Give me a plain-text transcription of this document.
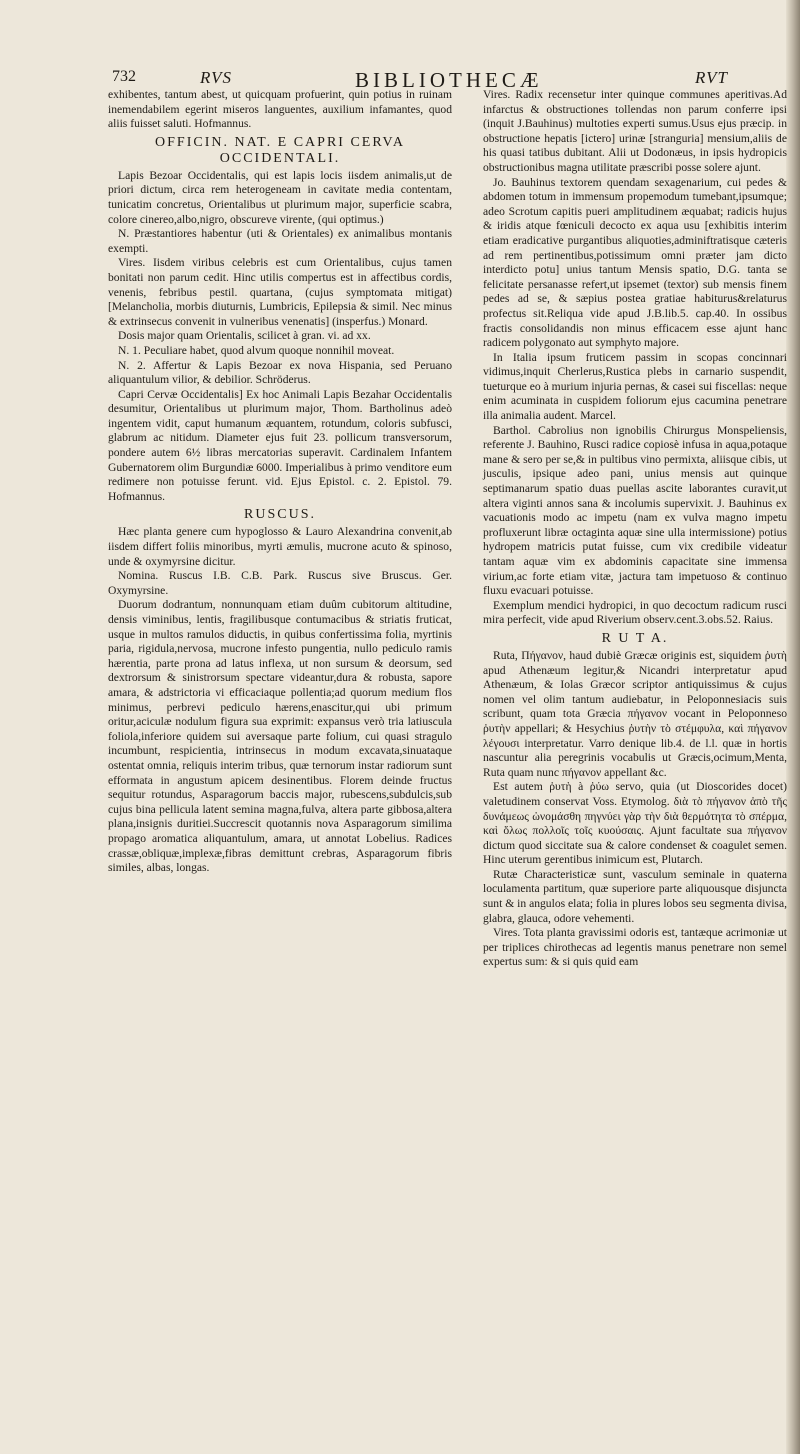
732	RVS	BIBLIOTHECÆ	RVT

exhibentes, tantum abest, ut quicquam profuerint, quin potius in ruinam inemendabilem egerint miseros languentes, auxilium infamantes, quod aliis fuisset saluti. Hofmannus.

OFFICIN. NAT. E CAPRI CERVA OCCIDENTALI.

Lapis Bezoar Occidentalis, qui est lapis locis iisdem animalis,ut de priori dictum, circa rem heterogeneam in cavitate media contentam, tunicatim concretus, Orientalibus ut plurimum major, superficie scabra, colore cinereo,albo,nigro, obscureve virente, (qui optimus.)

N. Præstantiores habentur (uti & Orientales) ex animalibus montanis exempti.

Vires. Iisdem viribus celebris est cum Orientalibus, cujus tamen bonitati non parum cedit. Hinc utilis compertus est in affectibus cordis, venenis, febribus pestil. quartana, (cujus symptomata mitigat) [Melancholia, morbis diuturnis, Lumbricis, Epilepsia & simil. Nec minus & extrinsecus convenit in vulneribus venenatis] (insperfus.) Monard.

Dosis major quam Orientalis, scilicet à gran. vi. ad xx.

N. 1. Peculiare habet, quod alvum quoque nonnihil moveat.

N. 2. Affertur & Lapis Bezoar ex nova Hispania, sed Peruano aliquantulum vilior, & debilior. Schröderus.

Capri Cervæ Occidentalis] Ex hoc Animali Lapis Bezahar Occidentalis desumitur, Orientalibus ut plurimum major, Thom. Bartholinus adeò ingentem vidit, caput humanum æquantem, rotundum, coloris subfusci, glabrum ac nitidum. Diameter ejus fuit 23. pollicum transversorum, pondere autem 6½ libras mercatorias superavit. Cardinalem Infantem Gubernatorem olim Burgundiæ 6000. Imperialibus à primo venditore eum redimere non potuisse ferunt. vid. Ejus Epistol. c. 2. Epistol. 79. Hofmannus.

RUSCUS.

Hæc planta genere cum hypoglosso & Lauro Alexandrina convenit,ab iisdem differt foliis minoribus, myrti æmulis, mucrone acuto & spinoso, unde & oxymyrsine dicitur.

Nomina. Ruscus I.B. C.B. Park. Ruscus sive Bruscus. Ger. Oxymyrsine.

Duorum dodrantum, nonnunquam etiam duûm cubitorum altitudine, densis viminibus, lentis, fragilibusque contumacibus & striatis fruticat, usque in multos ramulos diductis, in quibus confertissima folia, myrtinis paria, rigidula,nervosa, mucrone infesto pungentia, nullo pediculo ramis hærentia, parte prona ad latus inflexa, ut non sursum & deorsum, sed dextrorsum & sinistrorsum spectare videantur,dura & robusta, sapore amara, & adstrictoria vi efficaciaque pollentia;ad quorum medium flos minimus, perbrevi pediculo hærens,enascitur,qui ubi primum oritur,aciculæ nodulum figura sua exprimit: expansus verò tria latiuscula foliola,inferiore quidem sui aversaque parte folium, cui quasi stragulo incumbunt, respicientia, intrinsecus in modum excavata,sinuataque ostentat omnia, reliquis interim tribus, quæ ternorum instar radiorum sunt efformata in angustum apicem desinentibus. Florem deinde fructus sequitur rotundus, Asparagorum baccis major, rubescens,subdulcis,sub cujus bina pellicula latent semina magna,fulva, altera parte gibbosa,altera plana,insignis duritiei.Succrescit quotannis nova Asparagorum similima propago aromatica aliquantulum, amara, ut annotat Lobelius. Radices crassæ,obliquæ,implexæ,fibras demittunt crebras, Asparagorum fibris similes, albas, longas.

Vires. Radix recensetur inter quinque communes aperitivas.Ad infarctus & obstructiones tollendas non parum conferre ipsi (inquit J.Bauhinus) multoties experti sumus.Usus ejus præcip. in obstructione hepatis [ictero] urinæ [stranguria] mensium,aliis de his quasi tatibus dubitant. Alii ut Dodonæus, in ipsis hydropicis obstructionibus magna utilitate præscribi posse solere ajunt.

Jo. Bauhinus textorem quendam sexagenarium, cui pedes & abdomen totum in immensum propemodum tumebant,ipsumque; adeo Scrotum capitis pueri amplitudinem æquabat; radicis hujus & iridis atque fœniculi decocto ex aqua usu [exhibitis interim etiam eradicative purgantibus aliquoties,adminiftratisque cæteris ad rem pertinentibus,potissimum omni præter jam dicto interdicto potu] unius tantum Mensis spatio, D.G. tanta se felicitate persanasse refert,ut ipsemet (textor) sub mensis finem pedes ad se, & sæpius postea gratiae habiturus&relaturus profectus sit.Reliqua vide apud J.B.lib.5. cap.40. In ossibus fractis consolidandis non minus efficacem esse ajunt hanc radicem polygonato aut symphyto majore.

In Italia ipsum fruticem passim in scopas concinnari vidimus,inquit Cherlerus,Rustica plebs in carnario suspendit, tueturque eo à murium injuria pernas, & casei sui fiscellas: neque enim acuminata in cuspidem foliorum ejus cacumina penetrare illa animalia audent. Marcel.

Barthol. Cabrolius non ignobilis Chirurgus Monspeliensis, referente J. Bauhino, Rusci radice copiosè infusa in aqua,potaque mane & sero per se,& in pultibus vino permixta, aliisque cibis, ut jusculis, ipsique adeo pani, unius mensis aut quinque septimanarum spatio duas puellas ascite laborantes curavit,ut altera viginti annos sana & incolumis supervixit. J. Bauhinus ex vacuationis modo ac impetu (nam ex vulva magno impetu profluxerunt libræ octaginta aquæ sine ulla intermissione) potius hydropem matricis putat fuisse, cum vix credibile videatur tantam aquæ vim ex abdominis capacitate sine immensa virium,ac forte etiam vitæ, jactura tam impetuoso & continuo fluxu evacuari potuisse.

Exemplum mendici hydropici, in quo decoctum radicum rusci mira perfecit, vide apud Riverium observ.cent.3.obs.52. Raius.

R U T A.

Ruta, Πήγανον, haud dubiè Græcæ originis est, siquidem ῥυτὴ apud Athenæum legitur,& Nicandri interpretatur apud Athenæum, & Iolas Græcor scriptor antiquissimus & cujus nomen vel olim tantum audiebatur, in Peloponnesiacis suis scribunt, quam tota Græcia πήγανον vocant in Peloponneso ῥυτὴν appellari; & Hesychius ῥυτὴν τὸ στέμφυλα, καὶ πήγανον λέγουσι interpretatur. Varro denique lib.4. de l.l. quæ in hortis nascuntur alia peregrinis vocabulis ut Græcis,ocimum,Menta, Ruta quam nunc πήγανον appellant &c.

Est autem ῥυτὴ à ῥύω servo, quia (ut Dioscorides docet) valetudinem conservat Voss. Etymolog. διὰ τὸ πήγανον ἀπὸ τῆς δυνάμεως ὠνομάσθη πηγνύει γὰρ τὴν διὰ θερμότητα τὸ σπέρμα, καὶ ὅλως πολλοῖς τοῖς κυούσαις. Ajunt facultate sua πήγανον dictum quod siccitate sua & calore condenset & coagulet semen. Hinc uterum gerentibus inimicum est, Plutarch.

Rutæ Characteristicæ sunt, vasculum seminale in quaterna loculamenta partitum, quæ superiore parte aliquousque disjuncta sunt & in angulos elata; folia in plures lobos seu segmenta divisa, glabra, glauca, odore vehementi.

Vires. Tota planta gravissimi odoris est, tantæque acrimoniæ ut per triplices chirothecas ad legentis manus penetrare non semel expertus sum: & si quis quid eam
